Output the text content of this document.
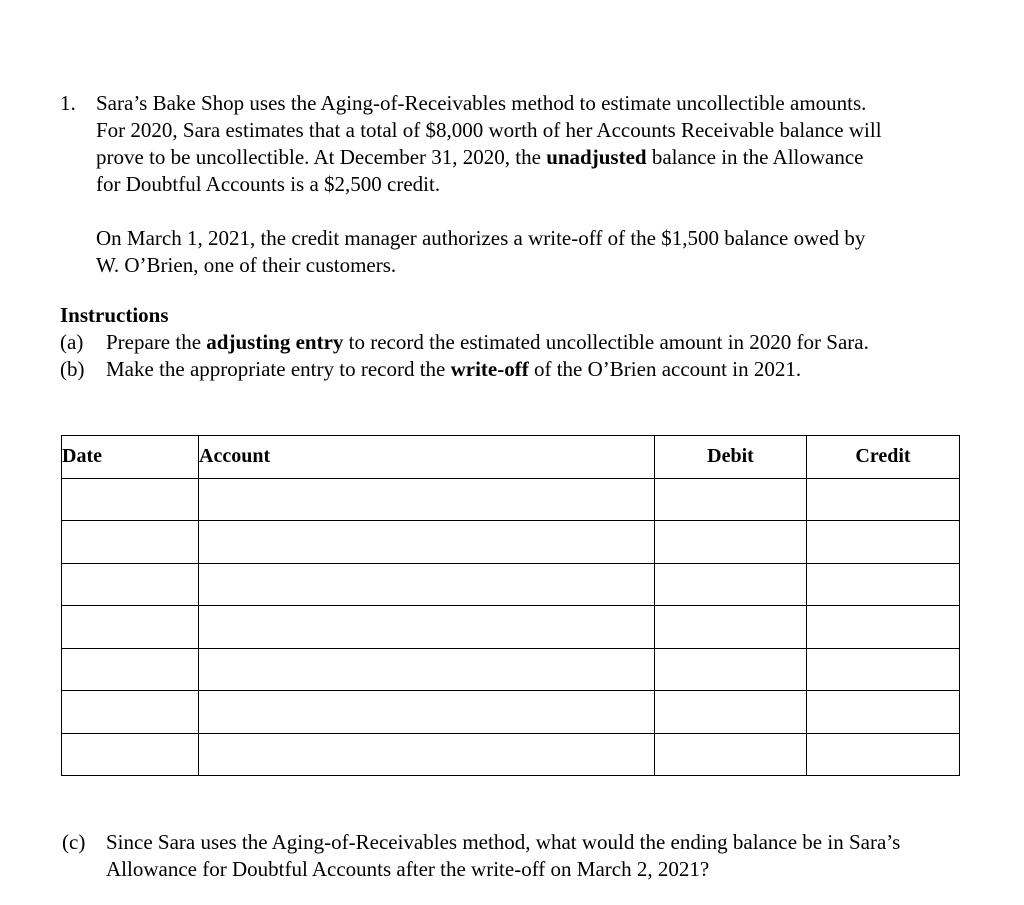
1. Sara’s Bake Shop uses the Aging-of-Receivables method to estimate uncollectible amounts.
For 2020, Sara estimates that a total of $8,000 worth of her Accounts Receivable balance will
prove to be uncollectible. At December 31, 2020, the unadjusted balance in the Allowance
for Doubtful Accounts is a $2,500 credit.

On March 1, 2021, the credit manager authorizes a write-off of the $1,500 balance owed by
W. O’Brien, one of their customers.

Instructions
(a) Prepare the adjusting entry to record the estimated uncollectible amount in 2020 for Sara.
(b) Make the appropriate entry to record the write-off of the O’Brien account in 2021.
Date	Account	Debit	Credit

(c) Since Sara uses the Aging-of-Receivables method, what would the ending balance be in Sara’s
Allowance for Doubtful Accounts after the write-off on March 2, 2021?
